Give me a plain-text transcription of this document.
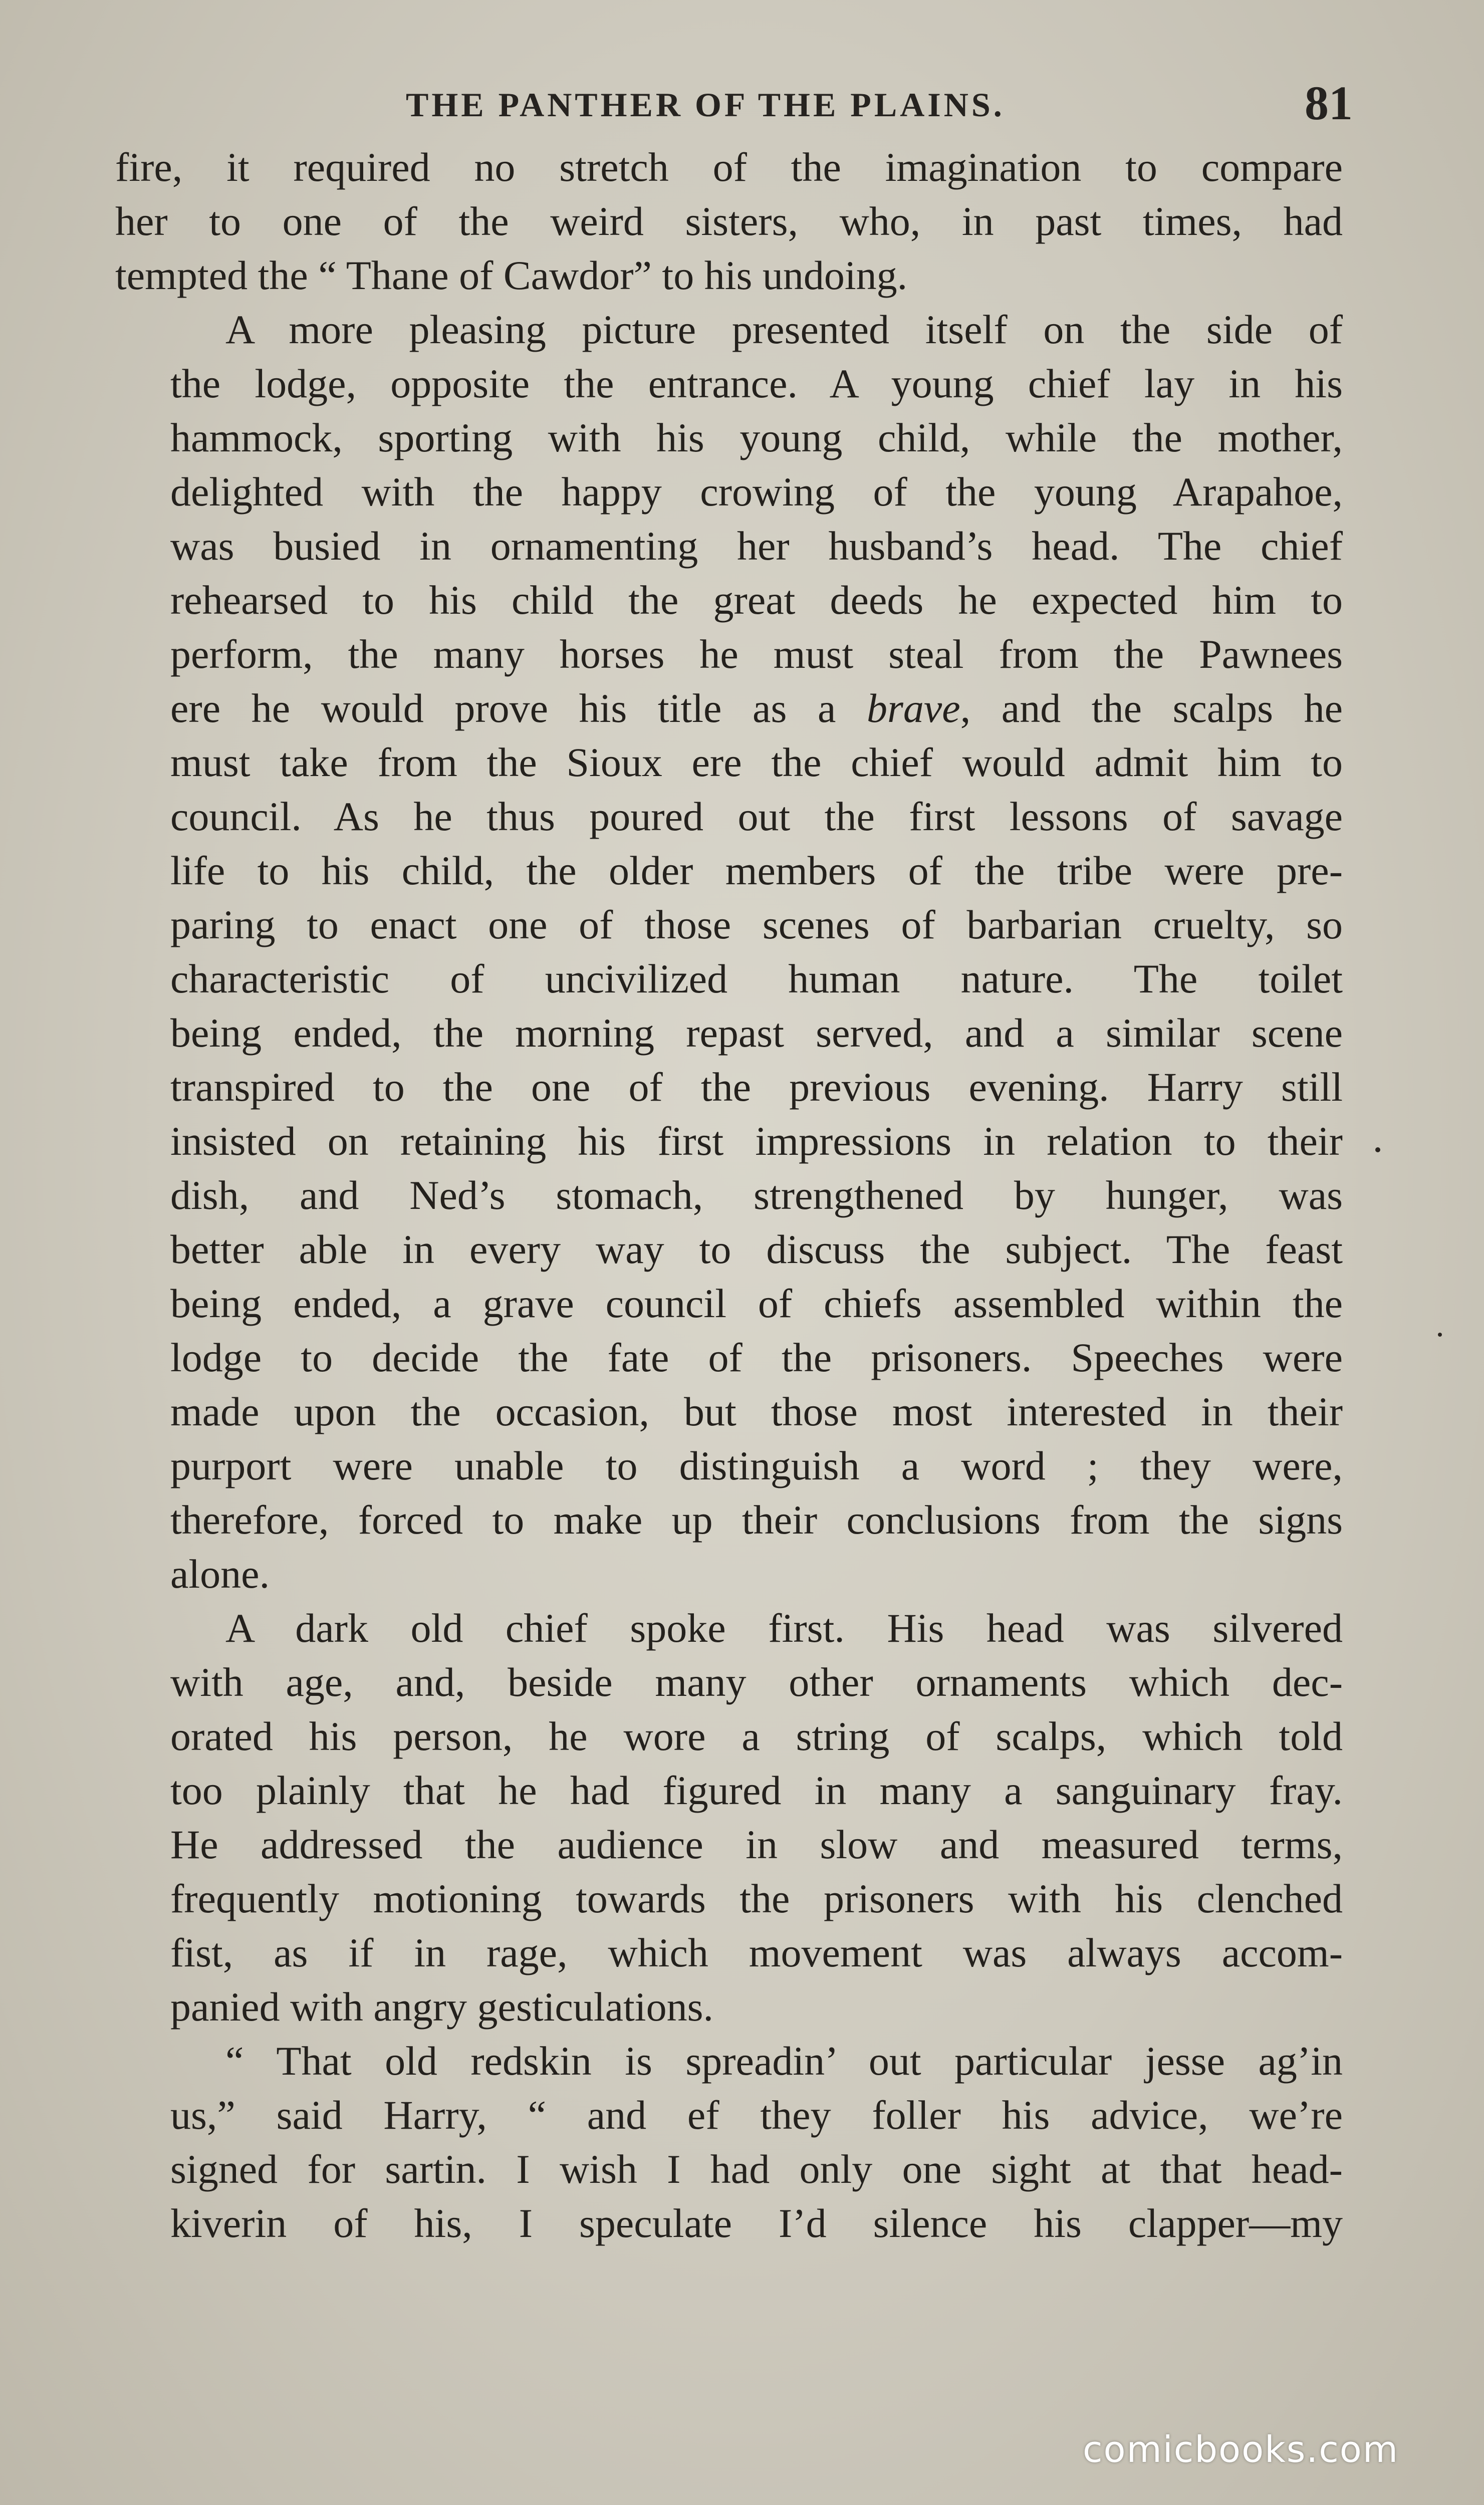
THE PANTHER OF THE PLAINS.	81
fire, it required no stretch of the imagination to compare
her to one of the weird sisters, who, in past times, had
tempted the “ Thane of Cawdor” to his undoing.
A more pleasing picture presented itself on the side of
the lodge, opposite the entrance. A young chief lay in his
hammock, sporting with his young child, while the mother,
delighted with the happy crowing of the young Arapahoe,
was busied in ornamenting her husband’s head. The chief
rehearsed to his child the great deeds he expected him to
perform, the many horses he must steal from the Pawnees
ere he would prove his title as a brave, and the scalps he
must take from the Sioux ere the chief would admit him to
council. As he thus poured out the first lessons of savage
life to his child, the older members of the tribe were pre-
paring to enact one of those scenes of barbarian cruelty, so
characteristic of uncivilized human nature. The toilet
being ended, the morning repast served, and a similar scene
transpired to the one of the previous evening. Harry still
insisted on retaining his first impressions in relation to their
dish, and Ned’s stomach, strengthened by hunger, was
better able in every way to discuss the subject. The feast
being ended, a grave council of chiefs assembled within the
lodge to decide the fate of the prisoners. Speeches were
made upon the occasion, but those most interested in their
purport were unable to distinguish a word ; they were,
therefore, forced to make up their conclusions from the signs
alone.
A dark old chief spoke first. His head was silvered
with age, and, beside many other ornaments which dec-
orated his person, he wore a string of scalps, which told
too plainly that he had figured in many a sanguinary fray.
He addressed the audience in slow and measured terms,
frequently motioning towards the prisoners with his clenched
fist, as if in rage, which movement was always accom-
panied with angry gesticulations.
“ That old redskin is spreadin’ out particular jesse ag’in
us,” said Harry, “ and ef they foller his advice, we’re
signed for sartin. I wish I had only one sight at that head-
kiverin of his, I speculate I’d silence his clapper—my
comicbooks.com
